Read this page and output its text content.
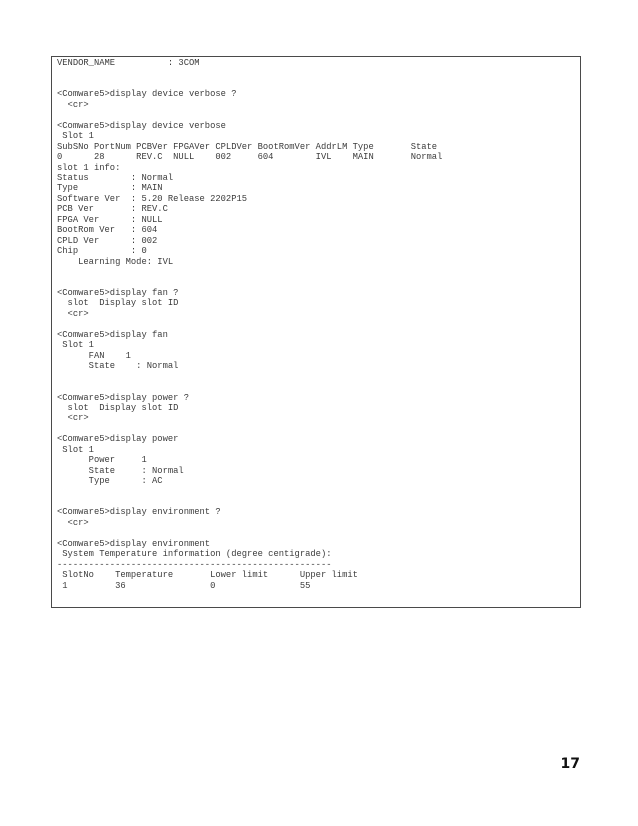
VENDOR_NAME          : 3COM

<Comware5>display device verbose ?
<cr>

<Comware5>display device verbose
Slot 1
SubSNo PortNum PCBVer FPGAVer CPLDVer BootRomVer AddrLM Type       State
0      28      REV.C  NULL    002     604        IVL    MAIN       Normal
slot 1 info:
Status        : Normal
Type          : MAIN
Software Ver  : 5.20 Release 2202P15
PCB Ver       : REV.C
FPGA Ver      : NULL
BootRom Ver   : 604
CPLD Ver      : 002
Chip          : 0
Learning Mode: IVL

<Comware5>display fan ?
slot  Display slot ID
<cr>

<Comware5>display fan
Slot 1
FAN    1
State    : Normal

<Comware5>display power ?
slot  Display slot ID
<cr>

<Comware5>display power
Slot 1
Power     1
State     : Normal
Type      : AC

<Comware5>display environment ?
<cr>

<Comware5>display environment
System Temperature information (degree centigrade):
----------------------------------------------------
SlotNo    Temperature       Lower limit      Upper limit
1         36                0                55
17
